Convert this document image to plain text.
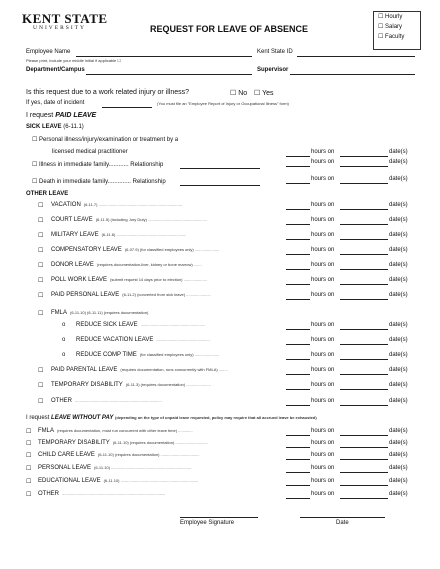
KENT STATE
UNIVERSITY	REQUEST FOR LEAVE OF ABSENCE
☐ Hourly
☐ Salary
☐ Faculty
Employee Name	Kent State ID
Please print, include your middle initial if applicable ☐
Department/Campus	Supervisor
Is this request due to a work related injury or illness?	☐ No ☐ Yes
If yes, date of incident	(You must file an "Employee Report of Injury or Occupational Illness" form)
I request PAID LEAVE
SICK LEAVE (6-11.1)
OTHER LEAVE
I request LEAVE WITHOUT PAY (depending on the type of unpaid leave requested, policy may require that all accrued leave be exhausted)
Employee Signature	Date
☐ Personal illness/injury/examination or treatment by a
licensed medical practitioner	hours on	date(s)
☐ Illness in immediate family............ Relationship	hours on	date(s)
☐ Death in immediate family.............. Relationship	hours on	date(s)
☐ VACATION (6-11.7) ...........................................................................	hours on	date(s)
☐ COURT LEAVE (6-11.5) (including Jury Duty) .....................................................	hours on	date(s)
☐ MILITARY LEAVE (6-11.6) ...............................................................	hours on	date(s)
☐ COMPENSATORY LEAVE (6-07.9) (for classified employees only) ......................	hours on	date(s)
☐ DONOR LEAVE (requires documentation-liver, kidney or bone marrow) .......	hours on	date(s)
☐ POLL WORK LEAVE (submit request 14 days prior to election) .....................	hours on	date(s)
☐ PAID PERSONAL LEAVE (6-11.2) (converted from sick leave) ......................	hours on	date(s)
☐ FMLA (6-11.10) (6-11.11) (requires documentation)
o REDUCE SICK LEAVE ..........................................................	hours on	date(s)
o REDUCE VACATION LEAVE ................................................	hours on	date(s)
o REDUCE COMP TIME (for classified employees only) ......................	hours on	date(s)
☐ PAID PARENTAL LEAVE (requires documentation, runs concurrently with FMLA) ........	hours on	date(s)
☐ TEMPORARY DISABILITY (6-11.3) (requires documentation) ......................	hours on	date(s)
☐ OTHER ..............................................................................	hours on	date(s)
☐ FMLA (requires documentation, must run concurrent with other leave time) .............	hours on	date(s)
☐ TEMPORARY DISABILITY (6-11.10) (requires documentation) .............................	hours on	date(s)
☐ CHILD CARE LEAVE (6-11.10) (requires documentation) ...................................	hours on	date(s)
☐ PERSONAL LEAVE (6-11.10) ........................................................................	hours on	date(s)
☐ EDUCATIONAL LEAVE (6-11.10) ......................................................................	hours on	date(s)
☐ OTHER .............................................................................................	hours on	date(s)
